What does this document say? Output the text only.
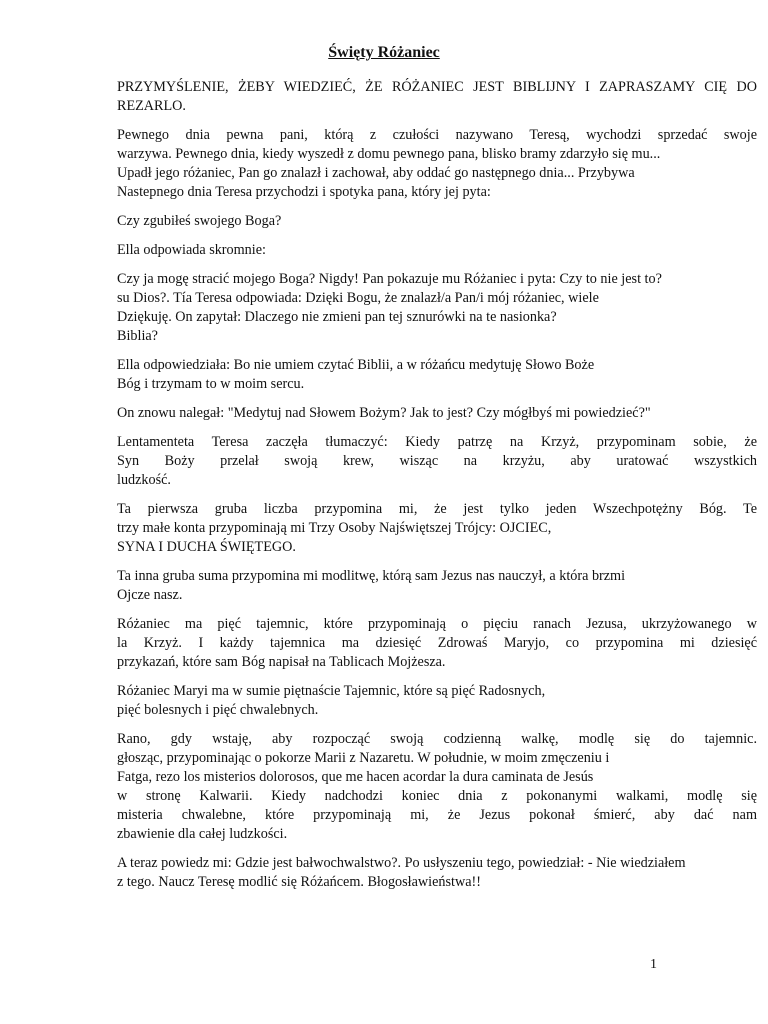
Święty Różaniec
PRZYMYŚLENIE, ŻEBY WIEDZIEĆ, ŻE RÓŻANIEC JEST BIBLIJNY I ZAPRASZAMY CIĘ DO
REZARLO.
Pewnego dnia pewna pani, którą z czułości nazywano Teresą, wychodzi sprzedać swoje
warzywa. Pewnego dnia, kiedy wyszedł z domu pewnego pana, blisko bramy zdarzyło się mu...
Upadł jego różaniec, Pan go znalazł i zachował, aby oddać go następnego dnia... Przybywa
Nastepnego dnia Teresa przychodzi i spotyka pana, który jej pyta:
Czy zgubiłeś swojego Boga?
Ella odpowiada skromnie:
Czy ja mogę stracić mojego Boga? Nigdy! Pan pokazuje mu Różaniec i pyta: Czy to nie jest to?
su Dios?. Tía Teresa odpowiada: Dzięki Bogu, że znalazł/a Pan/i mój różaniec, wiele
Dziękuję. On zapytał: Dlaczego nie zmieni pan tej sznurówki na te nasionka?
Biblia?
Ella odpowiedziała: Bo nie umiem czytać Biblii, a w różańcu medytuję Słowo Boże
Bóg i trzymam to w moim sercu.
On znowu nalegał: "Medytuj nad Słowem Bożym? Jak to jest? Czy mógłbyś mi powiedzieć?"
Lentamenteta Teresa zaczęła tłumaczyć: Kiedy patrzę na Krzyż, przypominam sobie, że
Syn Boży przelał swoją krew, wisząc na krzyżu, aby uratować wszystkich
ludzkość.
Ta pierwsza gruba liczba przypomina mi, że jest tylko jeden Wszechpotężny Bóg. Te
trzy małe konta przypominają mi Trzy Osoby Najświętszej Trójcy: OJCIEC,
SYNA I DUCHA ŚWIĘTEGO.
Ta inna gruba suma przypomina mi modlitwę, którą sam Jezus nas nauczył, a która brzmi
Ojcze nasz.
Różaniec ma pięć tajemnic, które przypominają o pięciu ranach Jezusa, ukrzyżowanego w
la Krzyż. I każdy tajemnica ma dziesięć Zdrowaś Maryjo, co przypomina mi dziesięć
przykazań, które sam Bóg napisał na Tablicach Mojżesza.
Różaniec Maryi ma w sumie piętnaście Tajemnic, które są pięć Radosnych,
pięć bolesnych i pięć chwalebnych.
Rano, gdy wstaję, aby rozpocząć swoją codzienną walkę, modlę się do tajemnic.
głosząc, przypominając o pokorze Marii z Nazaretu. W południe, w moim zmęczeniu i
Fatga, rezo los misterios dolorosos, que me hacen acordar la dura caminata de Jesús
w stronę Kalwarii. Kiedy nadchodzi koniec dnia z pokonanymi walkami, modlę się
misteria chwalebne, które przypominają mi, że Jezus pokonał śmierć, aby dać nam
zbawienie dla całej ludzkości.
A teraz powiedz mi: Gdzie jest bałwochwalstwo?. Po usłyszeniu tego, powiedział: - Nie wiedziałem
z tego. Naucz Teresę modlić się Różańcem. Błogosławieństwa!!
1
